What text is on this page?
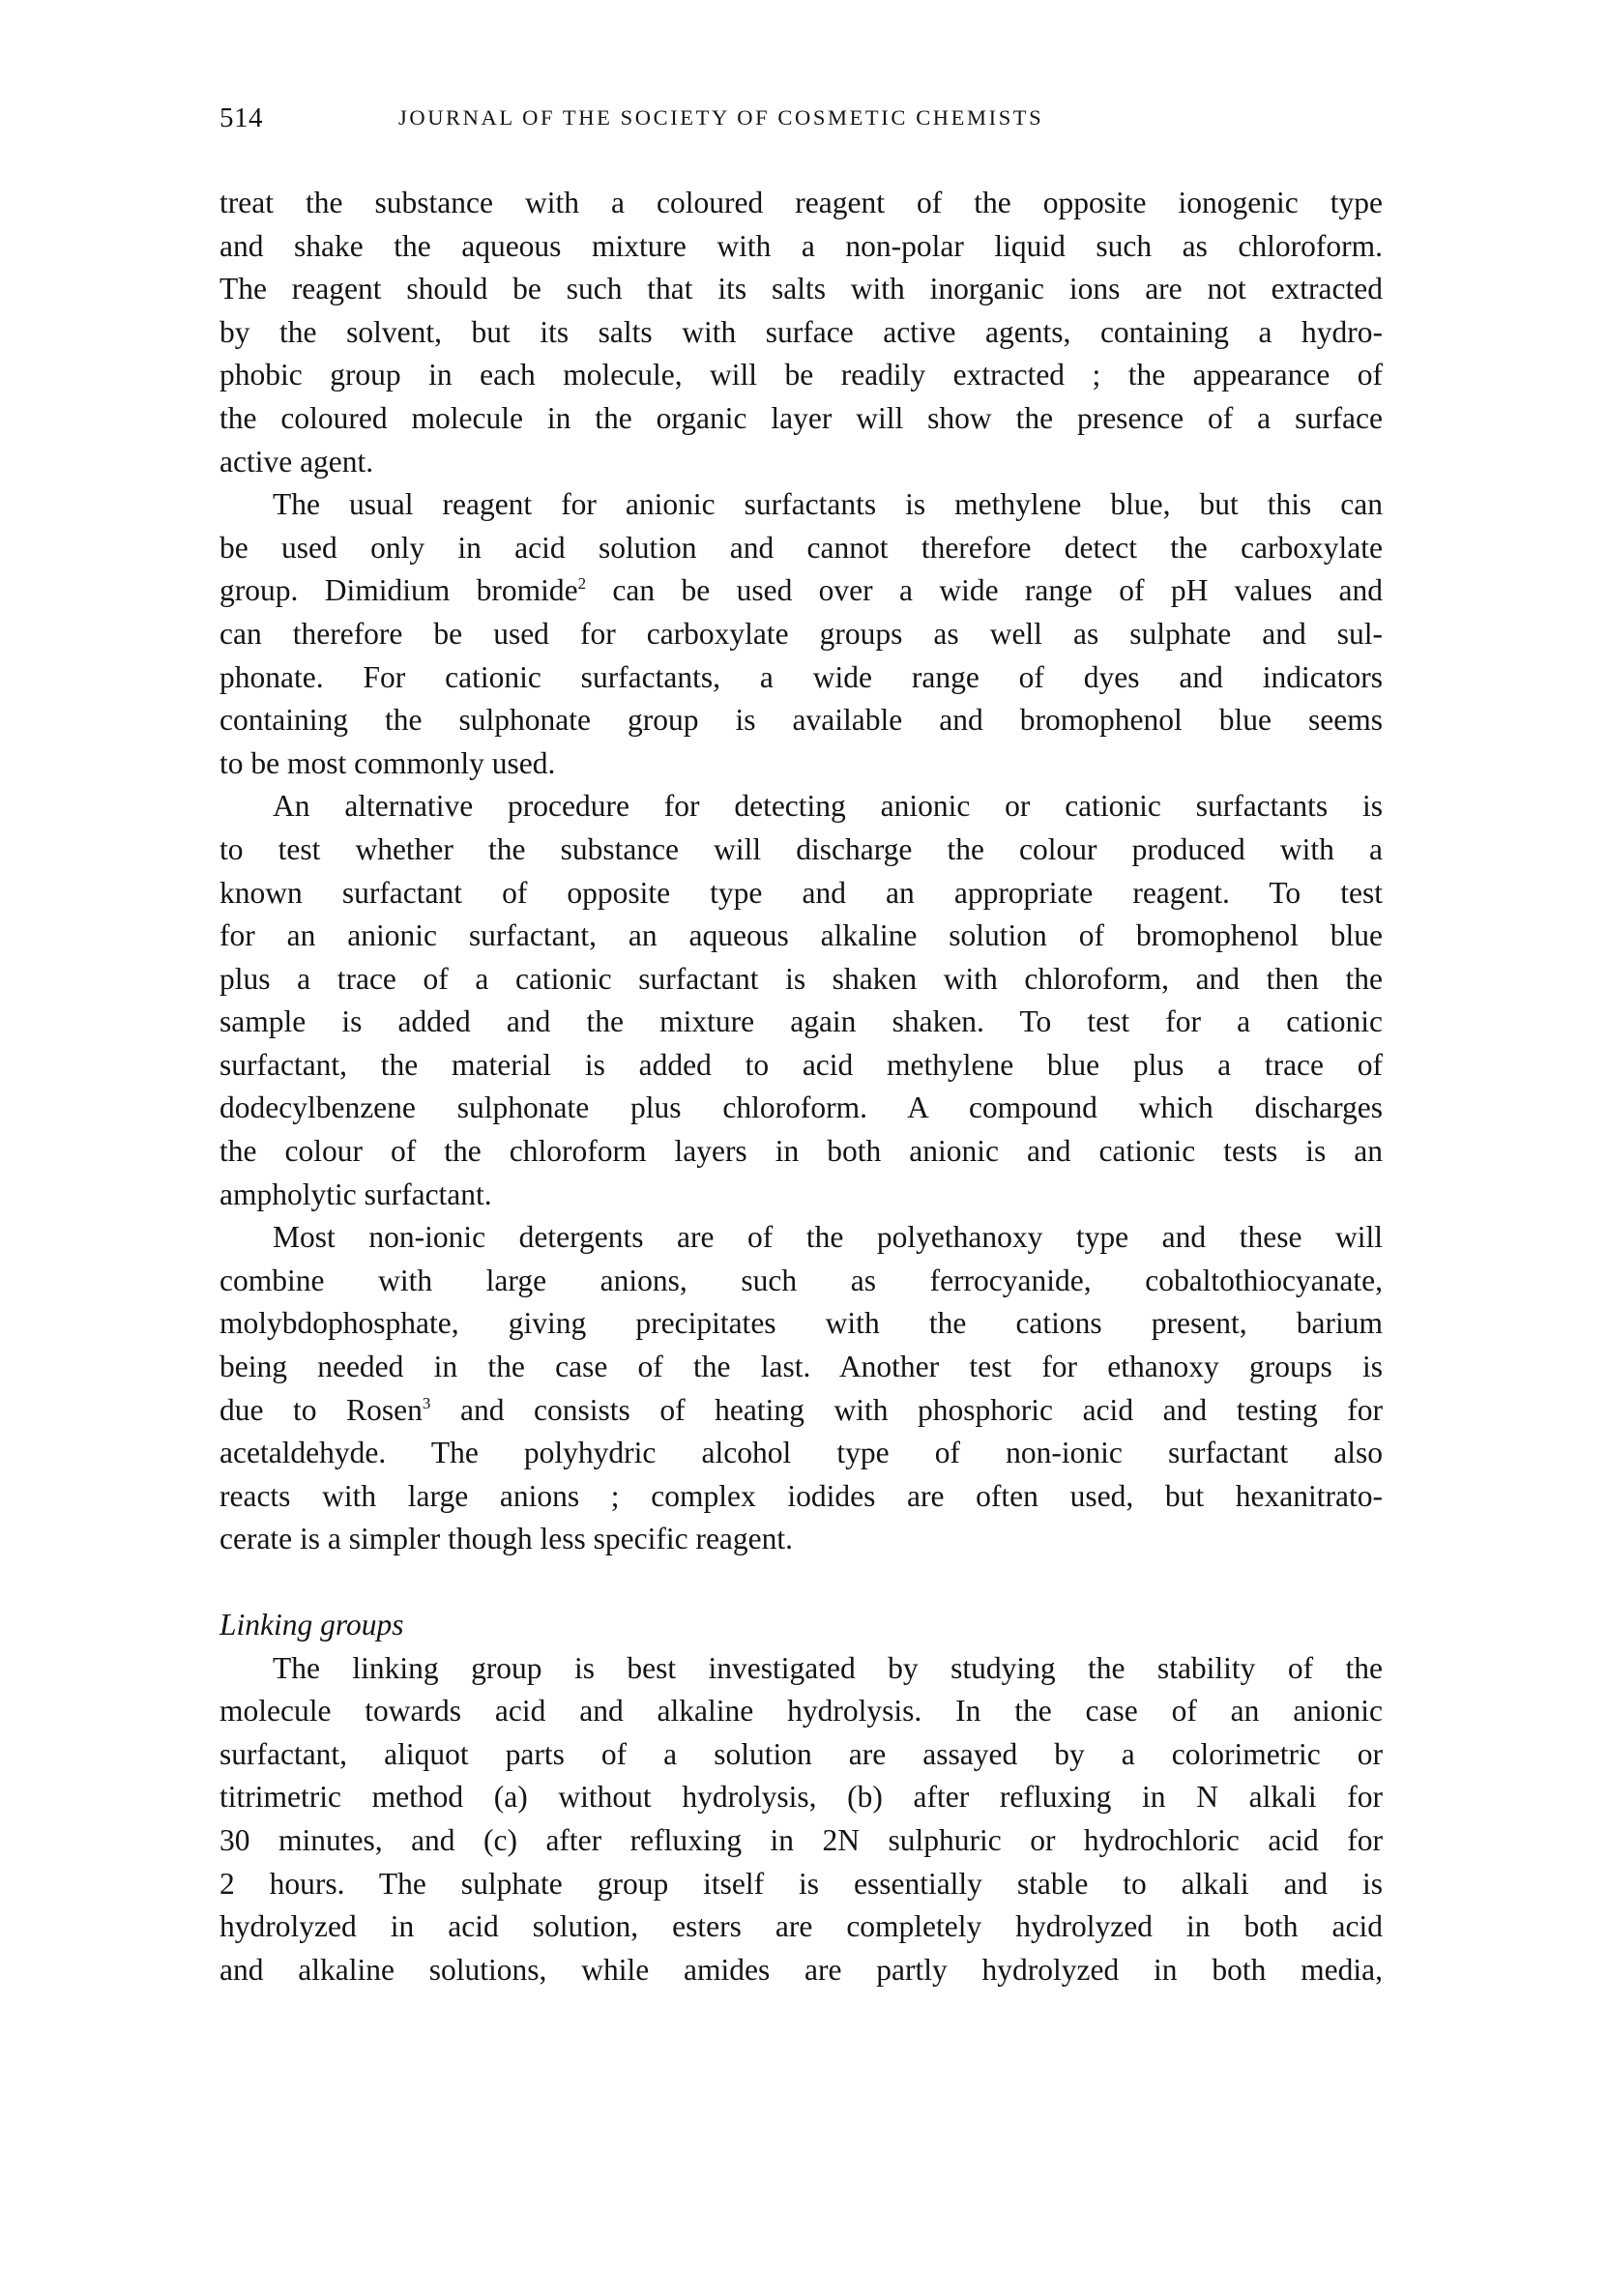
514	JOURNAL OF THE SOCIETY OF COSMETIC CHEMISTS
treat the substance with a coloured reagent of the opposite ionogenic type
and shake the aqueous mixture with a non-polar liquid such as chloroform.
The reagent should be such that its salts with inorganic ions are not extracted
by the solvent, but its salts with surface active agents, containing a hydro-
phobic group in each molecule, will be readily extracted ; the appearance of
the coloured molecule in the organic layer will show the presence of a surface
active agent.
The usual reagent for anionic surfactants is methylene blue, but this can
be used only in acid solution and cannot therefore detect the carboxylate
group. Dimidium bromide$^2$ can be used over a wide range of pH values and
can therefore be used for carboxylate groups as well as sulphate and sul-
phonate. For cationic surfactants, a wide range of dyes and indicators
containing the sulphonate group is available and bromophenol blue seems
to be most commonly used.
An alternative procedure for detecting anionic or cationic surfactants is
to test whether the substance will discharge the colour produced with a
known surfactant of opposite type and an appropriate reagent. To test
for an anionic surfactant, an aqueous alkaline solution of bromophenol blue
plus a trace of a cationic surfactant is shaken with chloroform, and then the
sample is added and the mixture again shaken. To test for a cationic
surfactant, the material is added to acid methylene blue plus a trace of
dodecylbenzene sulphonate plus chloroform. A compound which discharges
the colour of the chloroform layers in both anionic and cationic tests is an
ampholytic surfactant.
Most non-ionic detergents are of the polyethanoxy type and these will
combine with large anions, such as ferrocyanide, cobaltothiocyanate,
molybdophosphate, giving precipitates with the cations present, barium
being needed in the case of the last. Another test for ethanoxy groups is
due to Rosen$^3$ and consists of heating with phosphoric acid and testing for
acetaldehyde. The polyhydric alcohol type of non-ionic surfactant also
reacts with large anions ; complex iodides are often used, but hexanitrato-
cerate is a simpler though less specific reagent.
Linking groups
The linking group is best investigated by studying the stability of the
molecule towards acid and alkaline hydrolysis. In the case of an anionic
surfactant, aliquot parts of a solution are assayed by a colorimetric or
titrimetric method (a) without hydrolysis, (b) after refluxing in N alkali for
30 minutes, and (c) after refluxing in 2N sulphuric or hydrochloric acid for
2 hours. The sulphate group itself is essentially stable to alkali and is
hydrolyzed in acid solution, esters are completely hydrolyzed in both acid
and alkaline solutions, while amides are partly hydrolyzed in both media,
